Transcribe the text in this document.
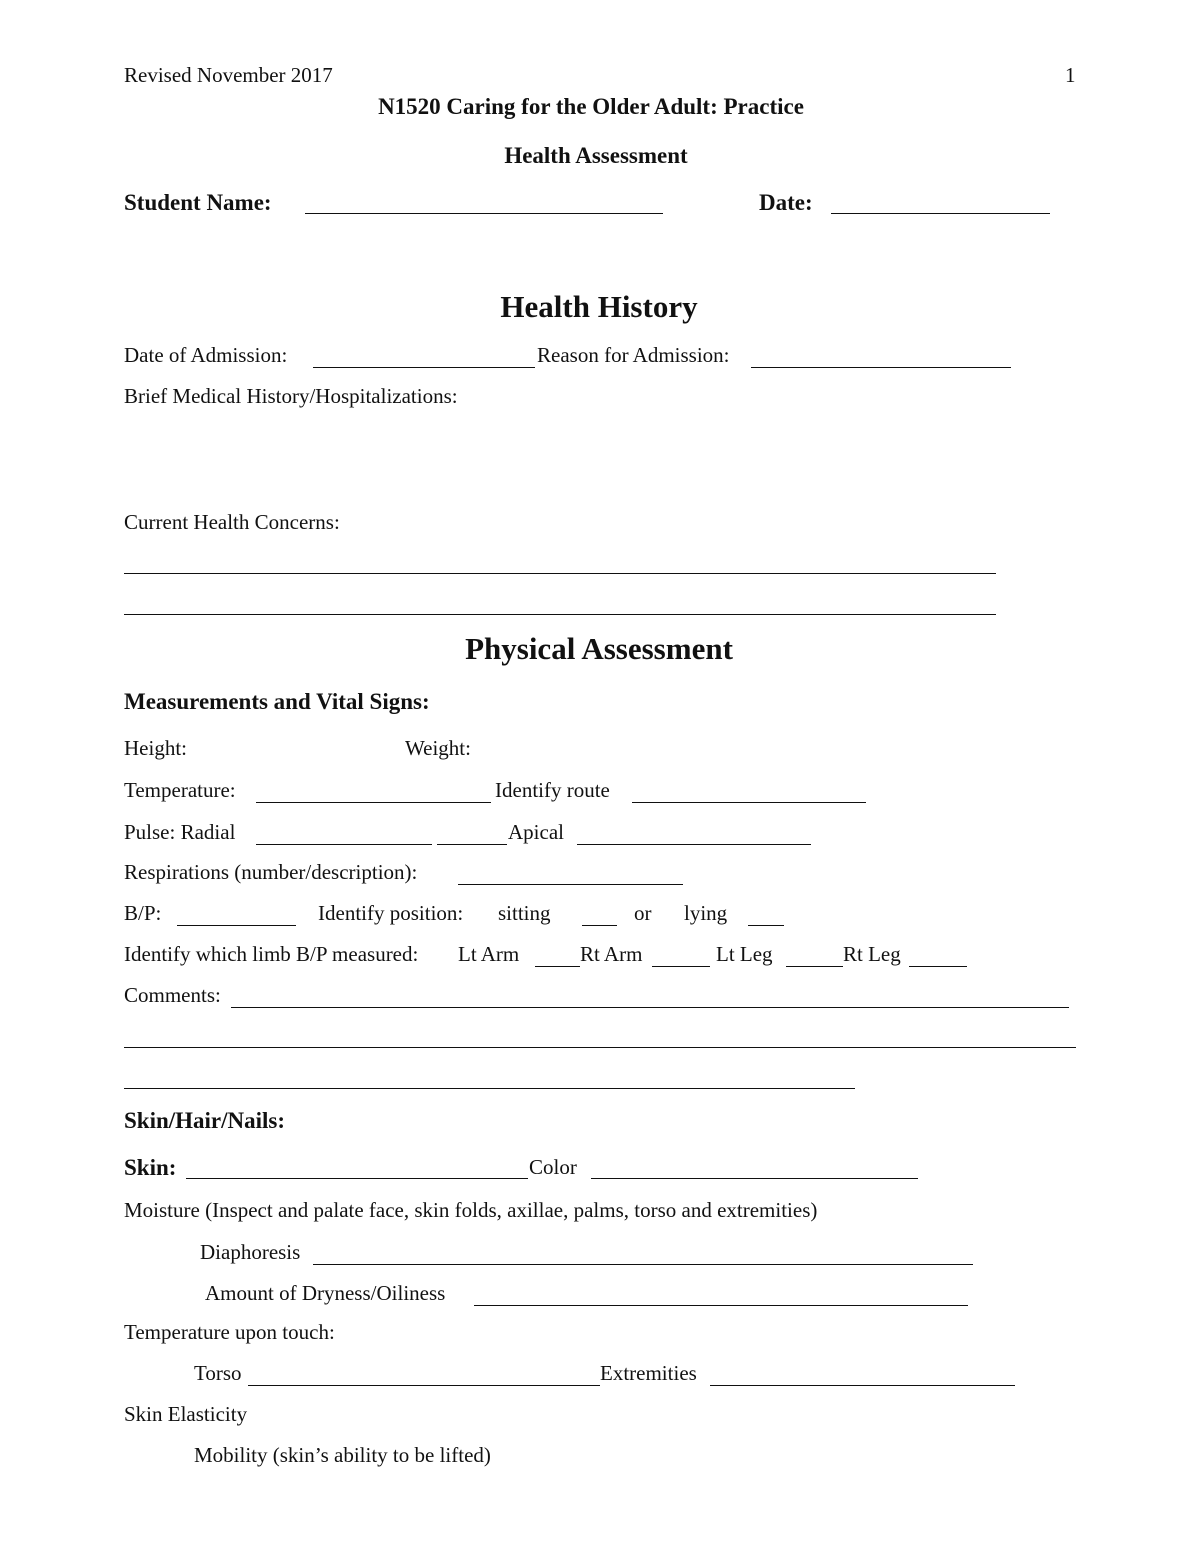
Revised November 2017	1
N1520 Caring for the Older Adult: Practice
Health Assessment
Student Name:	Date:
Health History
Date of Admission:	Reason for Admission:
Brief Medical History/Hospitalizations:
Current Health Concerns:
Physical Assessment
Measurements and Vital Signs:
Height:	Weight:
Temperature:	Identify route
Pulse: Radial	Apical
Respirations (number/description):
B/P:	Identify position: sitting	or lying
Identify which limb B/P measured: Lt Arm	Rt Arm	Lt Leg	Rt Leg
Comments:
Skin/Hair/Nails:
Skin:	Color
Moisture (Inspect and palate face, skin folds, axillae, palms, torso and extremities)
Diaphoresis
Amount of Dryness/Oiliness
Temperature upon touch:
Torso	Extremities
Skin Elasticity
Mobility (skin’s ability to be lifted)
